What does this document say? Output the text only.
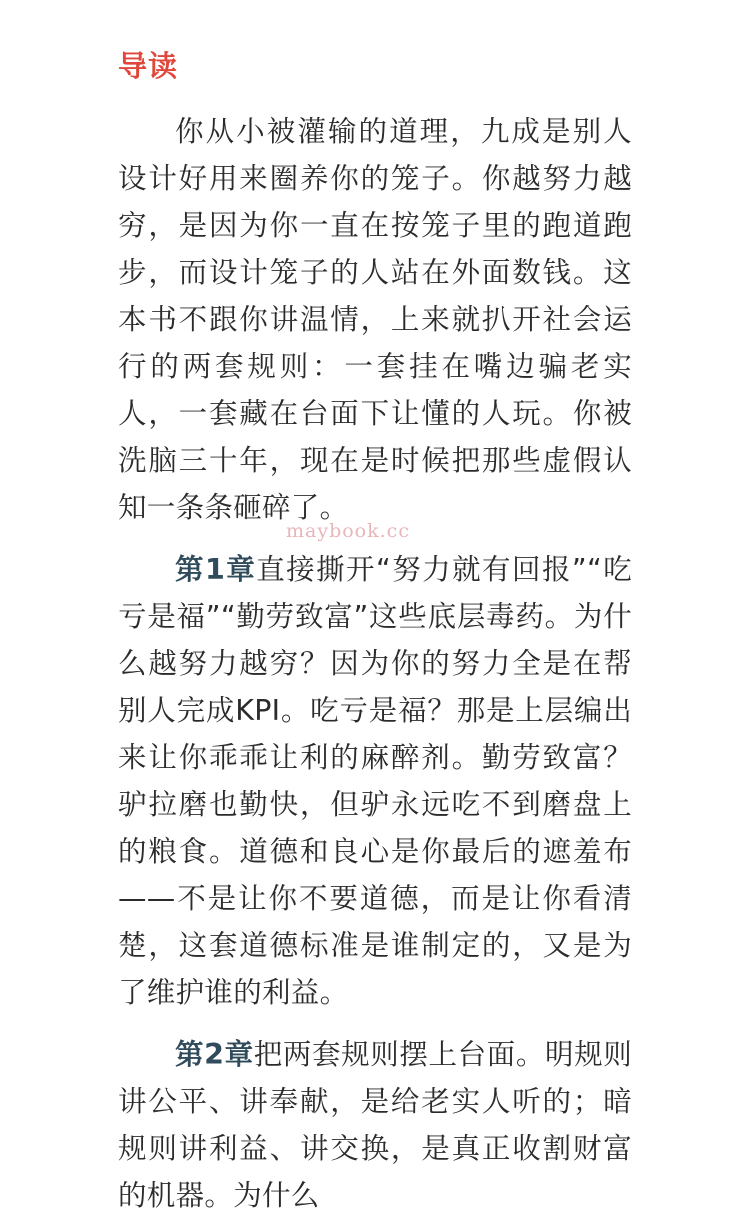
导读

你从小被灌输的道理，九成是别人设计好用来圈养你的笼子。你越努力越穷，是因为你一直在按笼子里的跑道跑步，而设计笼子的人站在外面数钱。这本书不跟你讲温情，上来就扒开社会运行的两套规则：一套挂在嘴边骗老实人，一套藏在台面下让懂的人玩。你被洗脑三十年，现在是时候把那些虚假认知一条条砸碎了。

第1章直接撕开“努力就有回报”“吃亏是福”“勤劳致富”这些底层毒药。为什么越努力越穷？因为你的努力全是在帮别人完成KPI。吃亏是福？那是上层编出来让你乖乖让利的麻醉剂。勤劳致富？驴拉磨也勤快，但驴永远吃不到磨盘上的粮食。道德和良心是你最后的遮羞布——不是让你不要道德，而是让你看清楚，这套道德标准是谁制定的，又是为了维护谁的利益。

第2章把两套规则摆上台面。明规则讲公平、讲奉献，是给老实人听的；暗规则讲利益、讲交换，是真正收割财富的机器。为什么

maybook.cc
